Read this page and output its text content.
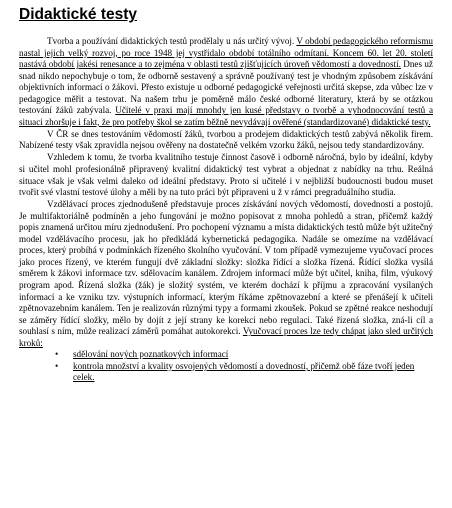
Didaktické testy

Tvorba a používání didaktických testů prodělaly u nás určitý vývoj. V období pedagogického reformismu nastal jejich velký rozvoj, po roce 1948 jej vystřídalo období totálního odmítaní. Koncem 60. let 20. století nastává období jakési renesance a to zejména v oblasti testů zjišťujících úroveň vědomostí a dovedností. Dnes už snad nikdo nepochybuje o tom, že odborně sestavený a správně používaný test je vhodným způsobem získávání objektivních informací o žákovi. Přesto existuje u odborné pedagogické veřejnosti určitá skepse, zda vůbec lze v pedagogice měřit a testovat. Na našem trhu je poměrně málo české odborné literatury, která by se otázkou testování žáků zabývala. Učitelé v praxi mají mnohdy jen kusé představy o tvorbě a vyhodnocování testů a situaci zhoršuje i fakt, že pro potřeby škol se zatím běžně nevydávají ověřené (standardizované) didaktické testy.

V ČR se dnes testováním vědomostí žáků, tvorbou a prodejem didaktických testů zabývá několik firem. Nabízené testy však zpravidla nejsou ověřeny na dostatečně velkém vzorku žáků, nejsou tedy standardizovány.

Vzhledem k tomu, že tvorba kvalitního testuje činnost časově i odborně náročná, bylo by ideální, kdyby si učitel mohl profesionálně připravený kvalitní didaktický test vybrat a objednat z nabídky na trhu. Reálná situace však je však velmi daleko od ideální představy. Proto si učitelé i v nejbližší budoucnosti budou muset tvořit své vlastní testové úlohy a měli by na tuto práci být připraveni u ž v rámci pregraduálního studia.

Vzdělávací proces zjednodušeně představuje proces získávání nových vědomostí, dovedností a postojů. Je multifaktoriálně podmíněn a jeho fungování je možno popisovat z mnoha pohledů a stran, přičemž každý popis znamená určitou míru zjednodušení. Pro pochopení významu a místa didaktických testů může být užitečný model vzdělávacího procesu, jak ho předkládá kybernetická pedagogika. Nadále se omezíme na vzdělávací proces, který probíhá v podmínkách řízeného školního vyučování. V tom případě vymezujeme vyučovací proces jako proces řízený, ve kterém fungují dvě základní složky: složka řídící a složka řízená. Řídící složka vysílá směrem k žákovi informace tzv. sdělovacím kanálem. Zdrojem informací může být učitel, kniha, film, výukový program apod. Řízená složka (žák) je složitý systém, ve kterém dochází k příjmu a zpracování vysílaných informací a ke vzniku tzv. výstupních informací, kterým říkáme zpětnovazební a které se přenášejí k učiteli zpětnovazebním kanálem. Ten je realizován různými typy a formami zkoušek. Pokud se zpětné reakce neshodují se záměry řídící složky, mělo by dojít z její strany ke korekci nebo regulaci. Také řízená složka, zná-li cíl a souhlasí s ním, může realizací záměrů pomáhat autokorekci. Vyučovací proces lze tedy chápat jako sled určitých kroků:

• sdělování nových poznatkových informací
• kontrola množství a kvality osvojených vědomostí a dovedností, přičemž obě fáze tvoří jeden celek.
